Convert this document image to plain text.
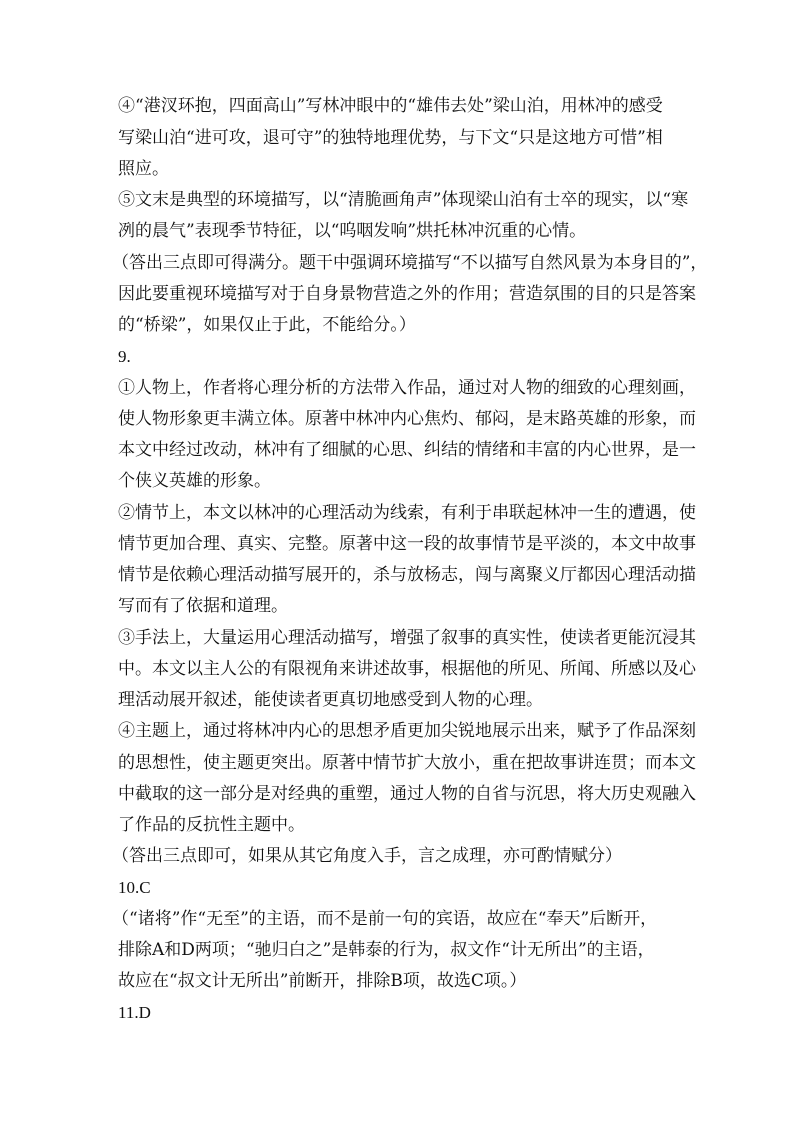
④“港汊环抱，四面高山”写林冲眼中的“雄伟去处”梁山泊，用林冲的感受
写梁山泊“进可攻，退可守”的独特地理优势，与下文“只是这地方可惜”相
照应。
⑤文末是典型的环境描写，以“清脆画角声”体现梁山泊有士卒的现实，以“寒
冽的晨气”表现季节特征，以“呜咽发响”烘托林冲沉重的心情。
（答出三点即可得满分。题干中强调环境描写“不以描写自然风景为本身目的”，
因此要重视环境描写对于自身景物营造之外的作用；营造氛围的目的只是答案
的“桥梁”，如果仅止于此，不能给分。）
9.
①人物上，作者将心理分析的方法带入作品，通过对人物的细致的心理刻画，
使人物形象更丰满立体。原著中林冲内心焦灼、郁闷，是末路英雄的形象，而
本文中经过改动，林冲有了细腻的心思、纠结的情绪和丰富的内心世界，是一
个侠义英雄的形象。
②情节上，本文以林冲的心理活动为线索，有利于串联起林冲一生的遭遇，使
情节更加合理、真实、完整。原著中这一段的故事情节是平淡的，本文中故事
情节是依赖心理活动描写展开的，杀与放杨志，闯与离聚义厅都因心理活动描
写而有了依据和道理。
③手法上，大量运用心理活动描写，增强了叙事的真实性，使读者更能沉浸其
中。本文以主人公的有限视角来讲述故事，根据他的所见、所闻、所感以及心
理活动展开叙述，能使读者更真切地感受到人物的心理。
④主题上，通过将林冲内心的思想矛盾更加尖锐地展示出来，赋予了作品深刻
的思想性，使主题更突出。原著中情节扩大放小，重在把故事讲连贯；而本文
中截取的这一部分是对经典的重塑，通过人物的自省与沉思，将大历史观融入
了作品的反抗性主题中。
（答出三点即可，如果从其它角度入手，言之成理，亦可酌情赋分）
10.C
（“诸将”作“无至”的主语，而不是前一句的宾语，故应在“奉天”后断开，
排除A和D两项；“驰归白之”是韩泰的行为，叔文作“计无所出”的主语，
故应在“叔文计无所出”前断开，排除B项，故选C项。）
11.D
